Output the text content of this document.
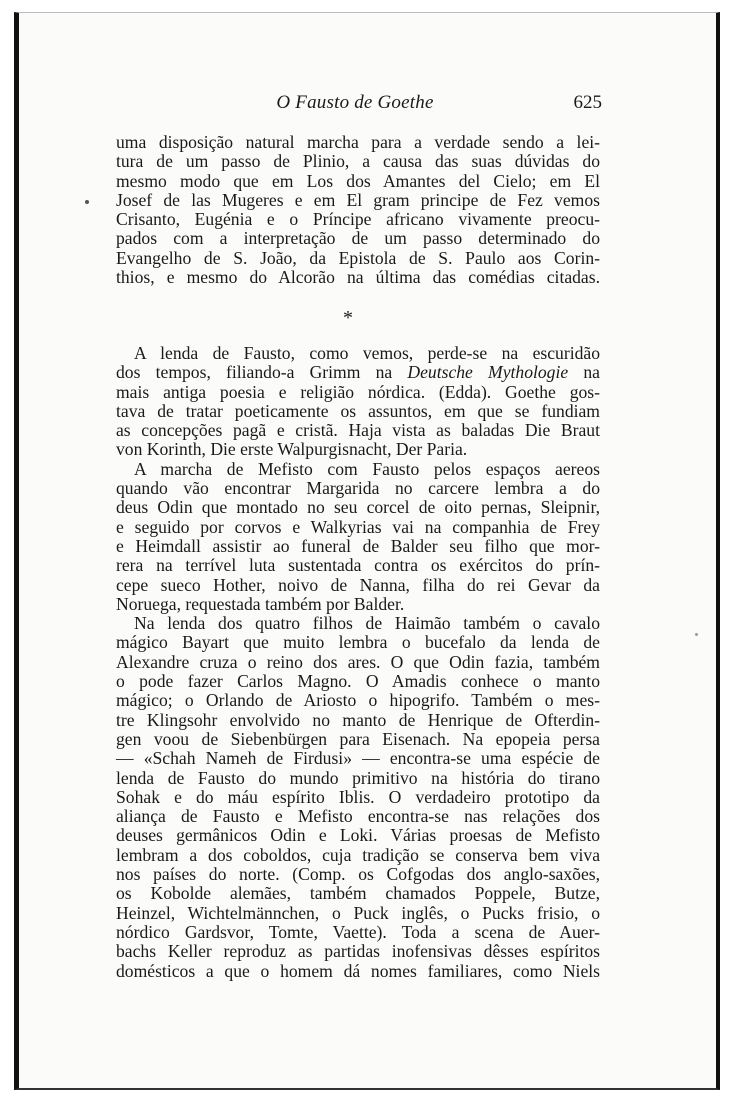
O Fausto de Goethe	625
uma disposição natural marcha para a verdade sendo a lei-
tura de um passo de Plinio, a causa das suas dúvidas do
mesmo modo que em Los dos Amantes del Cielo; em El
Josef de las Mugeres e em El gram principe de Fez vemos
Crisanto, Eugénia e o Príncipe africano vivamente preocu-
pados com a interpretação de um passo determinado do
Evangelho de S. João, da Epistola de S. Paulo aos Corin-
thios, e mesmo do Alcorão na última das comédias citadas.
*
A lenda de Fausto, como vemos, perde-se na escuridão
dos tempos, filiando-a Grimm na Deutsche Mythologie na
mais antiga poesia e religião nórdica. (Edda). Goethe gos-
tava de tratar poeticamente os assuntos, em que se fundiam
as concepções pagã e cristã. Haja vista as baladas Die Braut
von Korinth, Die erste Walpurgisnacht, Der Paria.
A marcha de Mefisto com Fausto pelos espaços aereos
quando vão encontrar Margarida no carcere lembra a do
deus Odin que montado no seu corcel de oito pernas, Sleipnir,
e seguido por corvos e Walkyrias vai na companhia de Frey
e Heimdall assistir ao funeral de Balder seu filho que mor-
rera na terrível luta sustentada contra os exércitos do prín-
cepe sueco Hother, noivo de Nanna, filha do rei Gevar da
Noruega, requestada também por Balder.
Na lenda dos quatro filhos de Haimão também o cavalo
mágico Bayart que muito lembra o bucefalo da lenda de
Alexandre cruza o reino dos ares. O que Odin fazia, também
o pode fazer Carlos Magno. O Amadis conhece o manto
mágico; o Orlando de Ariosto o hipogrifo. Também o mes-
tre Klingsohr envolvido no manto de Henrique de Ofterdin-
gen voou de Siebenbürgen para Eisenach. Na epopeia persa
— «Schah Nameh de Firdusi» — encontra-se uma espécie de
lenda de Fausto do mundo primitivo na história do tirano
Sohak e do máu espírito Iblis. O verdadeiro prototipo da
aliança de Fausto e Mefisto encontra-se nas relações dos
deuses germânicos Odin e Loki. Várias proesas de Mefisto
lembram a dos coboldos, cuja tradição se conserva bem viva
nos países do norte. (Comp. os Cofgodas dos anglo-saxões,
os Kobolde alemães, também chamados Poppele, Butze,
Heinzel, Wichtelmännchen, o Puck inglês, o Pucks frisio, o
nórdico Gardsvor, Tomte, Vaette). Toda a scena de Auer-
bachs Keller reproduz as partidas inofensivas dêsses espíritos
domésticos a que o homem dá nomes familiares, como Niels
